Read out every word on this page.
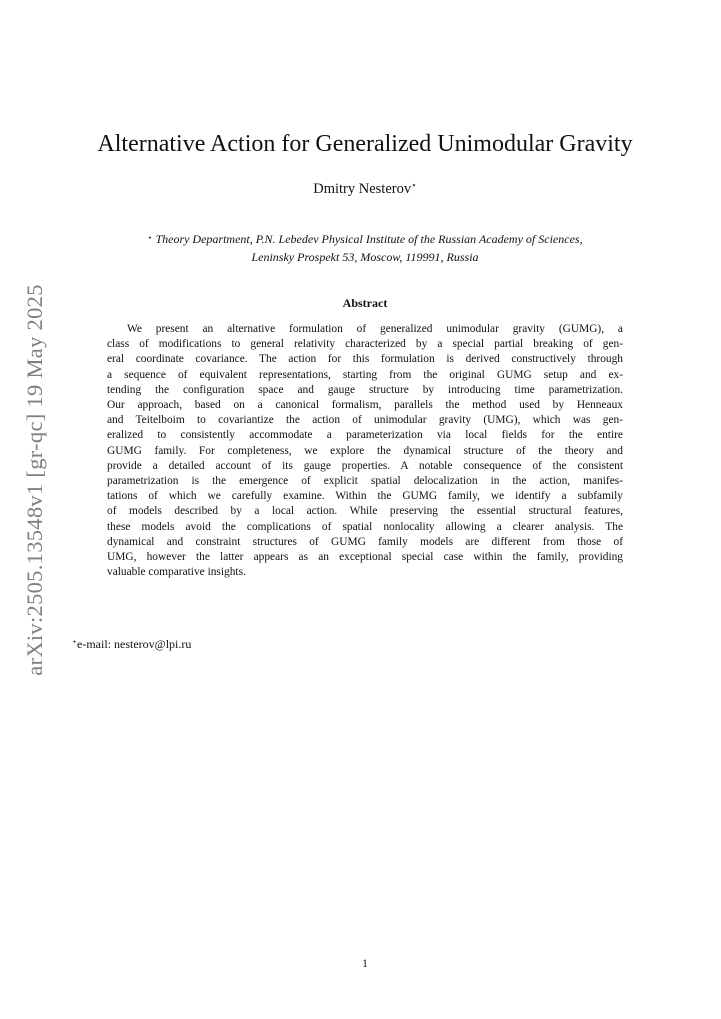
arXiv:2505.13548v1 [gr-qc] 19 May 2025
Alternative Action for Generalized Unimodular Gravity
Dmitry Nesterov⋆
⋆ Theory Department, P.N. Lebedev Physical Institute of the Russian Academy of Sciences,
Leninsky Prospekt 53, Moscow, 119991, Russia
Abstract
We present an alternative formulation of generalized unimodular gravity (GUMG), a
class of modifications to general relativity characterized by a special partial breaking of gen-
eral coordinate covariance. The action for this formulation is derived constructively through
a sequence of equivalent representations, starting from the original GUMG setup and ex-
tending the configuration space and gauge structure by introducing time parametrization.
Our approach, based on a canonical formalism, parallels the method used by Henneaux
and Teitelboim to covariantize the action of unimodular gravity (UMG), which was gen-
eralized to consistently accommodate a parameterization via local fields for the entire
GUMG family. For completeness, we explore the dynamical structure of the theory and
provide a detailed account of its gauge properties. A notable consequence of the consistent
parametrization is the emergence of explicit spatial delocalization in the action, manifes-
tations of which we carefully examine. Within the GUMG family, we identify a subfamily
of models described by a local action. While preserving the essential structural features,
these models avoid the complications of spatial nonlocality allowing a clearer analysis. The
dynamical and constraint structures of GUMG family models are different from those of
UMG, however the latter appears as an exceptional special case within the family, providing
valuable comparative insights.
⋆e-mail: nesterov@lpi.ru
1
